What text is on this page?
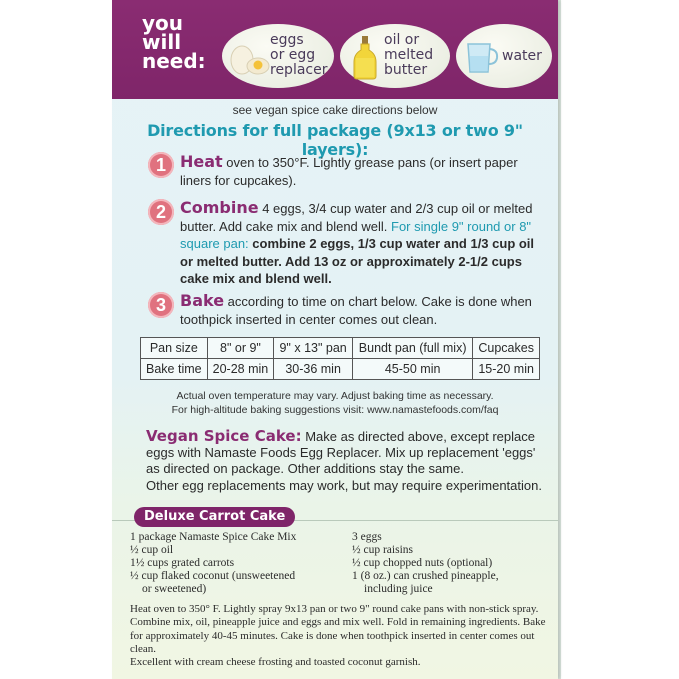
you
will
need:
eggs
or egg
replacer
oil or
melted
butter
water
see vegan spice cake directions below
Directions for full package (9x13 or two 9" layers):
1 Heat oven to 350°F. Lightly grease pans (or insert paper liners for cupcakes).
2 Combine 4 eggs, 3/4 cup water and 2/3 cup oil or melted butter. Add cake mix and blend well. For single 9" round or 8" square pan: combine 2 eggs, 1/3 cup water and 1/3 cup oil or melted butter. Add 13 oz or approximately 2-1/2 cups cake mix and blend well.
3 Bake according to time on chart below. Cake is done when toothpick inserted in center comes out clean.
Pan size	8" or 9"	9" x 13" pan	Bundt pan (full mix)	Cupcakes
Bake time	20-28 min	30-36 min	45-50 min	15-20 min
Actual oven temperature may vary. Adjust baking time as necessary.
For high-altitude baking suggestions visit: www.namastefoods.com/faq
Vegan Spice Cake: Make as directed above, except replace eggs with Namaste Foods Egg Replacer. Mix up replacement 'eggs' as directed on package. Other additions stay the same.
Other egg replacements may work, but may require experimentation.
Deluxe Carrot Cake
1 package Namaste Spice Cake Mix
½ cup oil
1½ cups grated carrots
½ cup flaked coconut (unsweetened
or sweetened)
3 eggs
½ cup raisins
½ cup chopped nuts (optional)
1 (8 oz.) can crushed pineapple,
including juice
Heat oven to 350° F. Lightly spray 9x13 pan or two 9" round cake pans with non-stick spray. Combine mix, oil, pineapple juice and eggs and mix well. Fold in remaining ingredients. Bake for approximately 40-45 minutes. Cake is done when toothpick inserted in center comes out clean.
Excellent with cream cheese frosting and toasted coconut garnish.
